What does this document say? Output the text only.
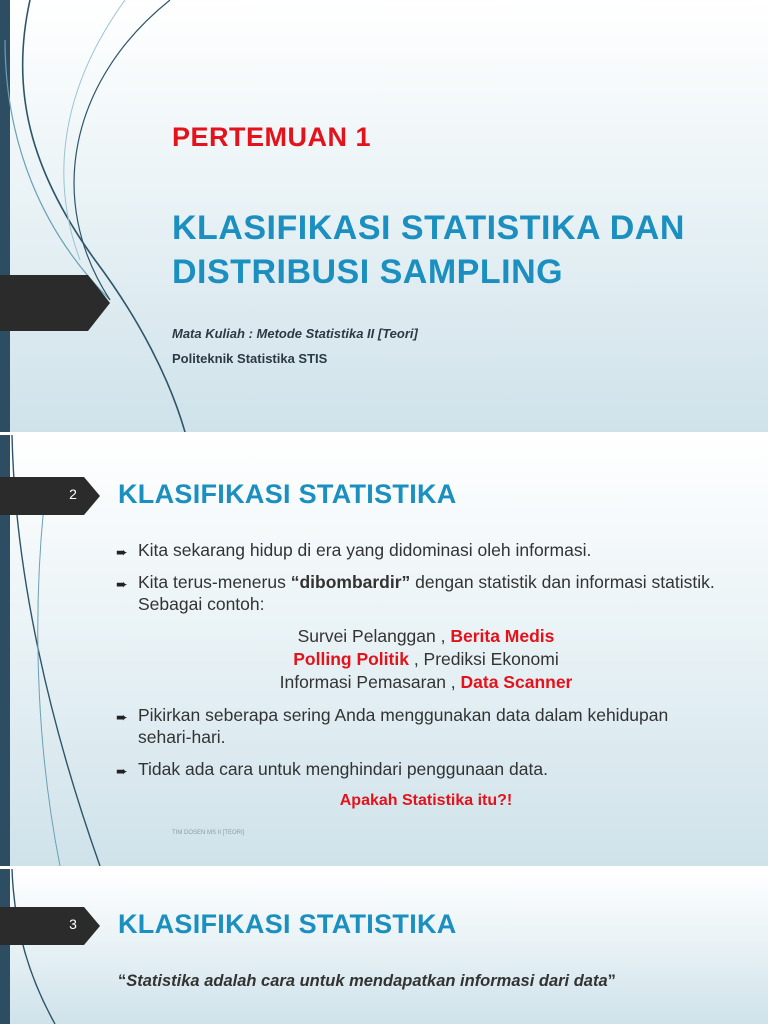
PERTEMUAN 1

KLASIFIKASI STATISTIKA DAN
DISTRIBUSI SAMPLING

Mata Kuliah : Metode Statistika II [Teori]

Politeknik Statistika STIS

2 KLASIFIKASI STATISTIKA
➨ Kita sekarang hidup di era yang didominasi oleh informasi.
➨ Kita terus-menerus “dibombardir” dengan statistik dan informasi statistik. Sebagai contoh:
Survei Pelanggan , Berita Medis
Polling Politik , Prediksi Ekonomi
Informasi Pemasaran , Data Scanner
➨ Pikirkan seberapa sering Anda menggunakan data dalam kehidupan sehari-hari.
➨ Tidak ada cara untuk menghindari penggunaan data.
Apakah Statistika itu?!
TIM DOSEN MS II [TEORI]
3 KLASIFIKASI STATISTIKA

“Statistika adalah cara untuk mendapatkan informasi dari data”
